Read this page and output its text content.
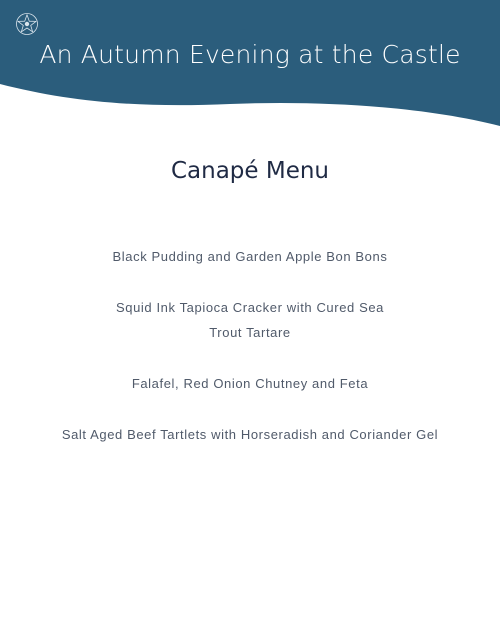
An Autumn Evening at the Castle
Canapé Menu
Black Pudding and Garden Apple Bon Bons
Squid Ink Tapioca Cracker with Cured Sea Trout Tartare
Falafel, Red Onion Chutney and Feta
Salt Aged Beef Tartlets with Horseradish and Coriander Gel
